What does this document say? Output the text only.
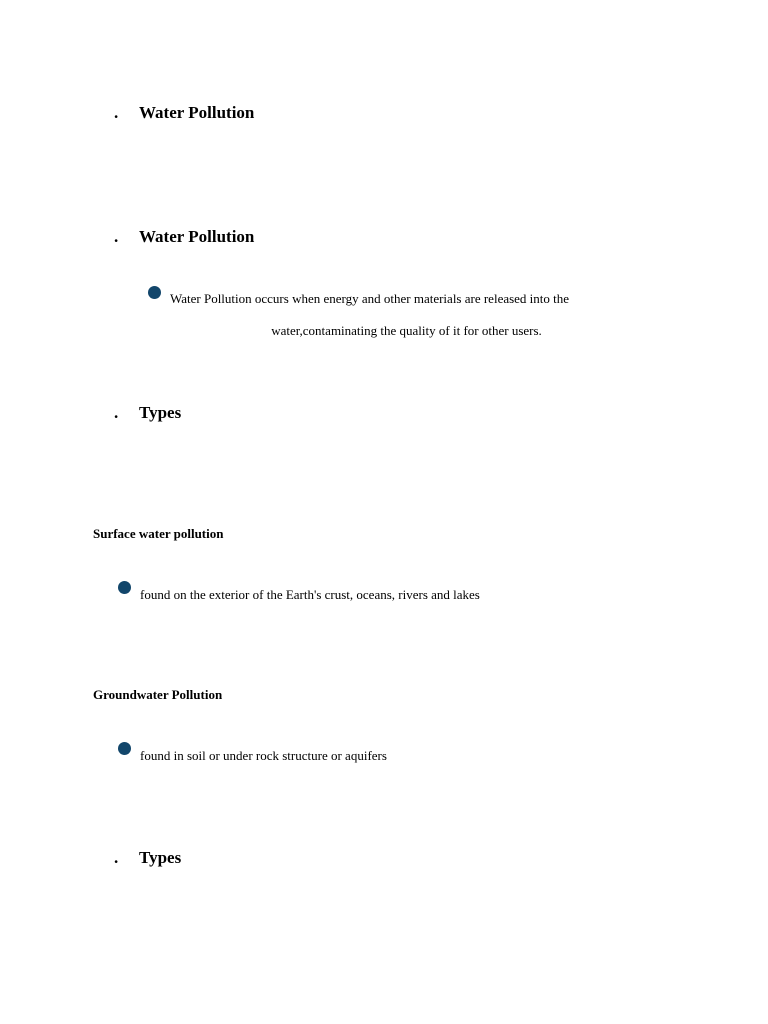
. Water Pollution
. Water Pollution
Water Pollution occurs when energy and other materials are released into the
water,contaminating the quality of it for other users.
. Types
Surface water pollution
found on the exterior of the Earth's crust, oceans, rivers and lakes
Groundwater Pollution
found in soil or under rock structure or aquifers
. Types
